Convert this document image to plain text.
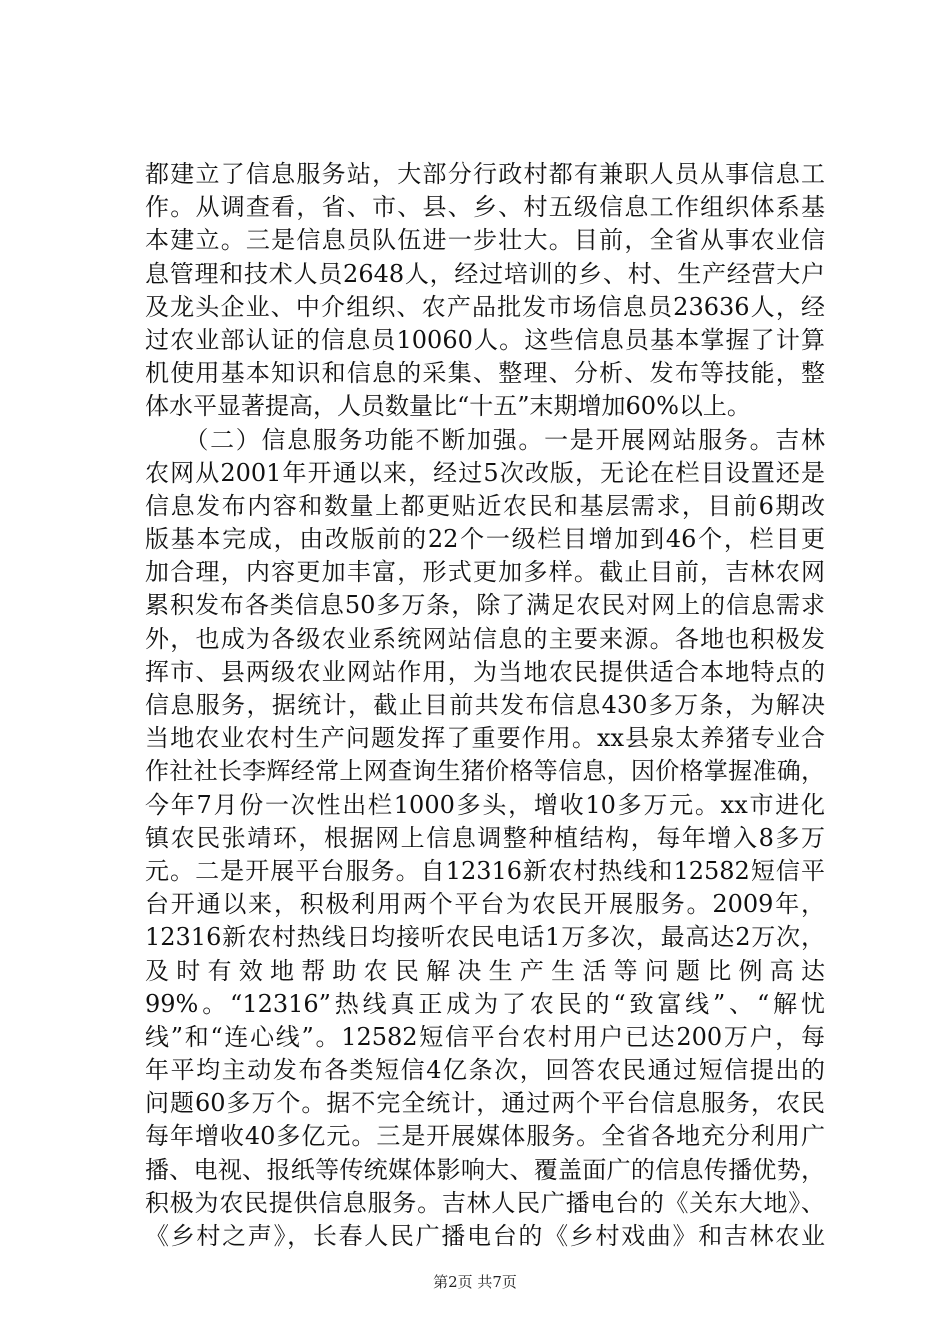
都建立了信息服务站，大部分行政村都有兼职人员从事信息工
作。从调查看，省、市、县、乡、村五级信息工作组织体系基
本建立。三是信息员队伍进一步壮大。目前，全省从事农业信
息管理和技术人员2648人，经过培训的乡、村、生产经营大户
及龙头企业、中介组织、农产品批发市场信息员23636人，经
过农业部认证的信息员10060人。这些信息员基本掌握了计算
机使用基本知识和信息的采集、整理、分析、发布等技能，整
体水平显著提高，人员数量比“十五”末期增加60%以上。
　　（二）信息服务功能不断加强。一是开展网站服务。吉林
农网从2001年开通以来，经过5次改版，无论在栏目设置还是
信息发布内容和数量上都更贴近农民和基层需求，目前6期改
版基本完成，由改版前的22个一级栏目增加到46个，栏目更
加合理，内容更加丰富，形式更加多样。截止目前，吉林农网
累积发布各类信息50多万条，除了满足农民对网上的信息需求
外，也成为各级农业系统网站信息的主要来源。各地也积极发
挥市、县两级农业网站作用，为当地农民提供适合本地特点的
信息服务，据统计，截止目前共发布信息430多万条，为解决
当地农业农村生产问题发挥了重要作用。xx县泉太养猪专业合
作社社长李辉经常上网查询生猪价格等信息，因价格掌握准确，
今年7月份一次性出栏1000多头，增收10多万元。xx市进化
镇农民张靖环，根据网上信息调整种植结构，每年增入8多万
元。二是开展平台服务。自12316新农村热线和12582短信平
台开通以来，积极利用两个平台为农民开展服务。2009年，
12316新农村热线日均接听农民电话1万多次，最高达2万次，
及时有效地帮助农民解决生产生活等问题比例高达
99%。“12316”热线真正成为了农民的“致富线”、“解忧
线”和“连心线”。12582短信平台农村用户已达200万户，每
年平均主动发布各类短信4亿条次，回答农民通过短信提出的
问题60多万个。据不完全统计，通过两个平台信息服务，农民
每年增收40多亿元。三是开展媒体服务。全省各地充分利用广
播、电视、报纸等传统媒体影响大、覆盖面广的信息传播优势，
积极为农民提供信息服务。吉林人民广播电台的《关东大地》、
《乡村之声》，长春人民广播电台的《乡村戏曲》和吉林农业
第2页 共7页
